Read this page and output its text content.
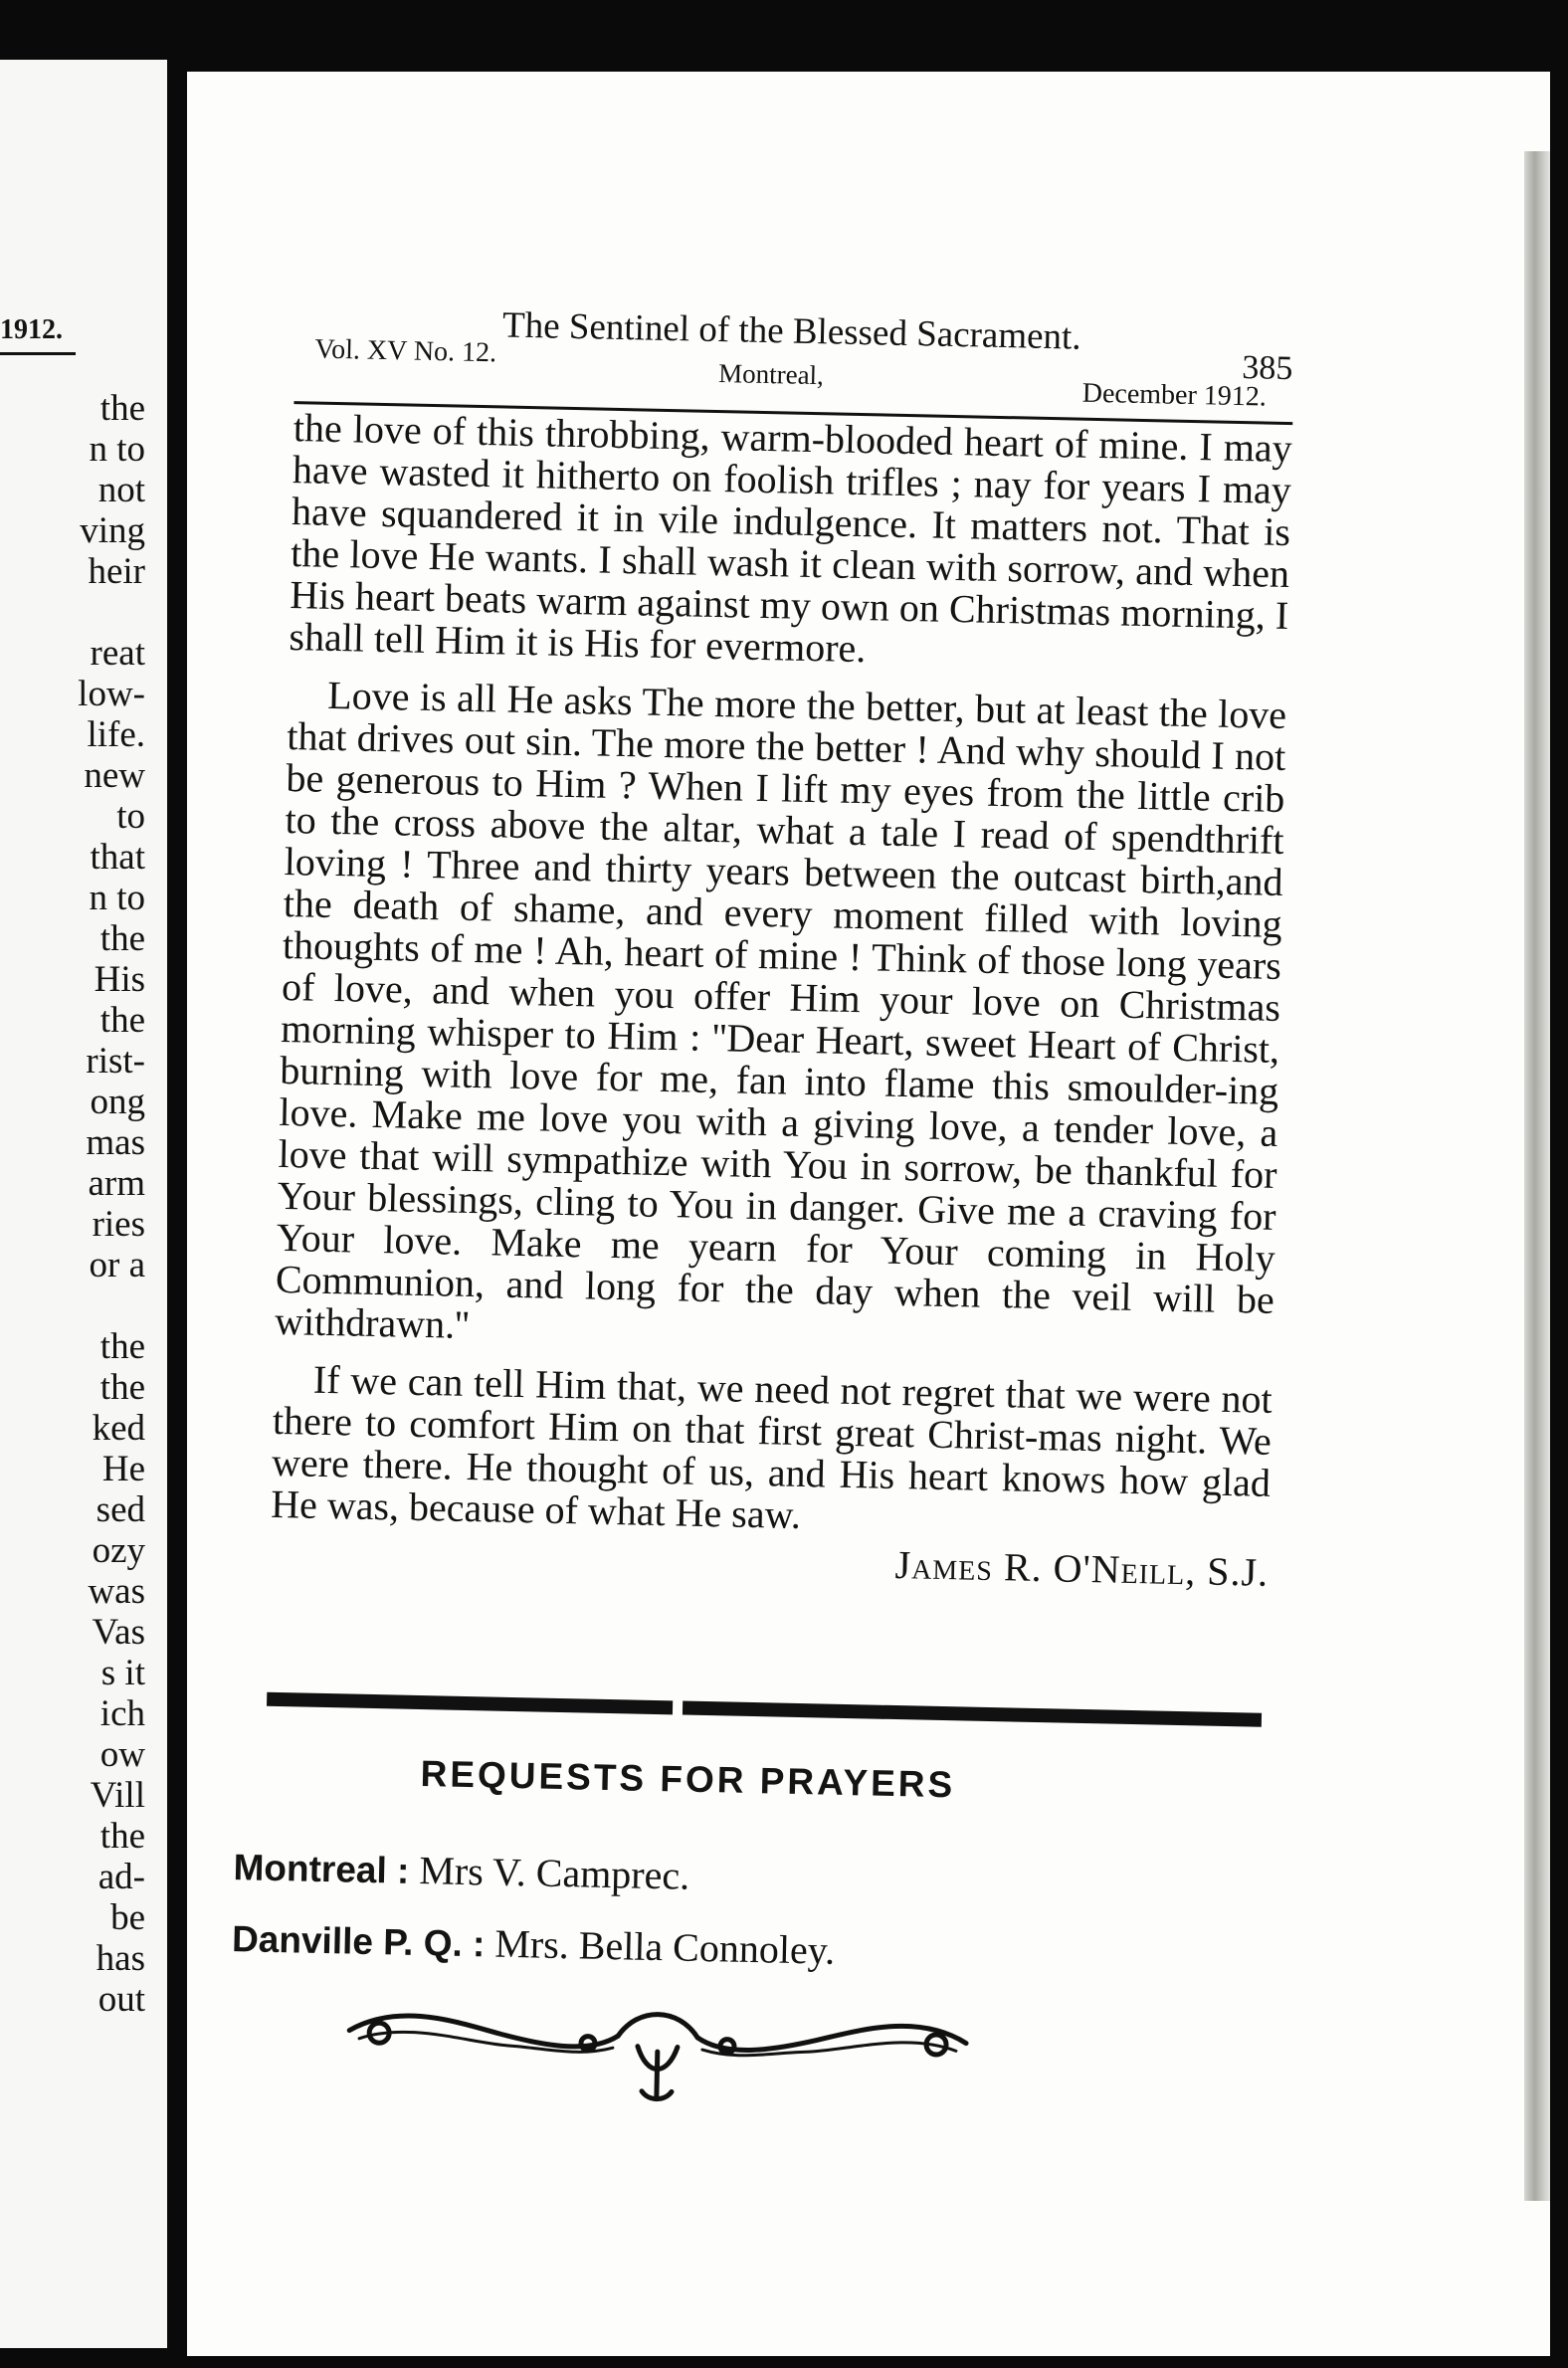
1912.
the
n to
not
ving
heir
reat
low-
life.
new
to
that
n to
the
His
the
rist-
ong
mas
arm
ries
or a
the
the
ked
He
sed
ozy
was
Vas
s it
ich
ow
Vill
the
ad-
be
has
out
The Sentinel of the Blessed Sacrament.
Vol. XV No. 12.
Montreal,
December 1912.
385

the love of this throbbing, warm-blooded heart of mine. I may have wasted it hitherto on foolish trifles ; nay for years I may have squandered it in vile indulgence. It matters not. That is the love He wants. I shall wash it clean with sorrow, and when His heart beats warm against my own on Christmas morning, I shall tell Him it is His for evermore.

Love is all He asks The more the better, but at least the love that drives out sin. The more the better ! And why should I not be generous to Him ? When I lift my eyes from the little crib to the cross above the altar, what a tale I read of spendthrift loving ! Three and thirty years between the outcast birth,and the death of shame, and every moment filled with loving thoughts of me ! Ah, heart of mine ! Think of those long years of love, and when you offer Him your love on Christmas morning whisper to Him : ''Dear Heart, sweet Heart of Christ, burning with love for me, fan into flame this smoulder-ing love. Make me love you with a giving love, a tender love, a love that will sympathize with You in sorrow, be thankful for Your blessings, cling to You in danger. Give me a craving for Your love. Make me yearn for Your coming in Holy Communion, and long for the day when the veil will be withdrawn.''

If we can tell Him that, we need not regret that we were not there to comfort Him on that first great Christ-mas night. We were there. He thought of us, and His heart knows how glad He was, because of what He saw.

James R. O'Neill, S.J.
REQUESTS FOR PRAYERS
Montreal : Mrs V. Camprec.
Danville P. Q. : Mrs. Bella Connoley.
